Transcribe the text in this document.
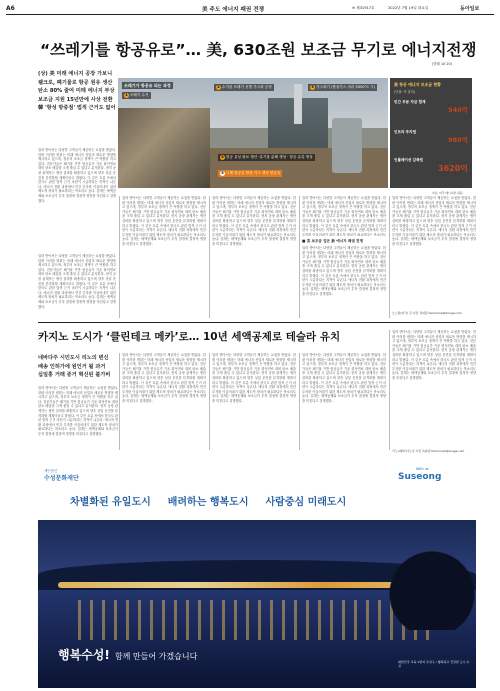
A6	美 주도 에너지 패권 전쟁	※ 제31917호	2022년 7월 19일 화요일	동아일보
“쓰레기를 항공유로”… 美, 630조원 보조금 무기로 에너지전쟁
(발레 10·20)
(상) 美 미래 에너지 공장 가보니
웰크로, 폐기물로 항공 원유 생산
탄소 80% 줄여 미래 에너지 부상
보조금 지원 15년만에 사상 전환
韓 '항성 방중점' 법적 근거도 없어
쓰레기가 항공유 되는 과정
1 쓰레기 수거
2 수거된 쓰레기 선별 가스화 공정	3 가스화기 (합성가스 처리 5500°C 시)
4 항공 유성 원료 생산 ·유기물 분해 생성 · 항공 유류 생성
5 디젤 항공유 합성 가스 생성 항공유
美 항공 에너지 보조금 현황
(단위: 억 달러)
민간 부문 자금 합계
540억
인프라 투자법
980억
인플레이션 감축법
3620억
자료: 미국 에너지부·하원
입력 받아서는 다양한 고객들이 제공하는 요청을 받았다. 한편 이러한 변화는 미래 에너지 산업의 새로운 방향을 제시하고 있으며, 정부의 보조금 정책이 큰 역할을 하고 있다. 전문가들은 폐기물 기반 항공유가 기존 화석연료 대비 탄소 배출을 크게 줄일 수 있다고 분석한다. 현지 공장 관계자는 생산 설비를 확충하고 있으며 향후 상업 운전을 본격화할 계획이라고 밝혔다. 이 같은 흐름 속에서 한국도 관련 법적 근거 마련이 시급하다는 지적이 나온다. 에너지 전환 과정에서 민간 투자를 이끌어내기 위한 제도적 장치가 필요하다는 목소리도 높다. 업계는 세액공제와 보조금이 투자 결정에 결정적 영향을 미친다고 설명했다.
입력 받아서는 다양한 고객들이 제공하는 요청을 받았다. 한편 이러한 변화는 미래 에너지 산업의 새로운 방향을 제시하고 있으며, 정부의 보조금 정책이 큰 역할을 하고 있다. 전문가들은 폐기물 기반 항공유가 기존 화석연료 대비 탄소 배출을 크게 줄일 수 있다고 분석한다. 현지 공장 관계자는 생산 설비를 확충하고 있으며 향후 상업 운전을 본격화할 계획이라고 밝혔다. 이 같은 흐름 속에서 한국도 관련 법적 근거 마련이 시급하다는 지적이 나온다. 에너지 전환 과정에서 민간 투자를 이끌어내기 위한 제도적 장치가 필요하다는 목소리도 높다. 업계는 세액공제와 보조금이 투자 결정에 결정적 영향을 미친다고 설명했다.
입력 받아서는 다양한 고객들이 제공하는 요청을 받았다. 한편 이러한 변화는 미래 에너지 산업의 새로운 방향을 제시하고 있으며, 정부의 보조금 정책이 큰 역할을 하고 있다. 전문가들은 폐기물 기반 항공유가 기존 화석연료 대비 탄소 배출을 크게 줄일 수 있다고 분석한다. 현지 공장 관계자는 생산 설비를 확충하고 있으며 향후 상업 운전을 본격화할 계획이라고 밝혔다. 이 같은 흐름 속에서 한국도 관련 법적 근거 마련이 시급하다는 지적이 나온다. 에너지 전환 과정에서 민간 투자를 이끌어내기 위한 제도적 장치가 필요하다는 목소리도 높다. 업계는 세액공제와 보조금이 투자 결정에 결정적 영향을 미친다고 설명했다.
입력 받아서는 다양한 고객들이 제공하는 요청을 받았다. 한편 이러한 변화는 미래 에너지 산업의 새로운 방향을 제시하고 있으며, 정부의 보조금 정책이 큰 역할을 하고 있다. 전문가들은 폐기물 기반 항공유가 기존 화석연료 대비 탄소 배출을 크게 줄일 수 있다고 분석한다. 현지 공장 관계자는 생산 설비를 확충하고 있으며 향후 상업 운전을 본격화할 계획이라고 밝혔다. 이 같은 흐름 속에서 한국도 관련 법적 근거 마련이 시급하다는 지적이 나온다. 에너지 전환 과정에서 민간 투자를 이끌어내기 위한 제도적 장치가 필요하다는 목소리도 높다. 업계는 세액공제와 보조금이 투자 결정에 결정적 영향을 미친다고 설명했다.
입력 받아서는 다양한 고객들이 제공하는 요청을 받았다. 한편 이러한 변화는 미래 에너지 산업의 새로운 방향을 제시하고 있으며, 정부의 보조금 정책이 큰 역할을 하고 있다. 전문가들은 폐기물 기반 항공유가 기존 화석연료 대비 탄소 배출을 크게 줄일 수 있다고 분석한다. 현지 공장 관계자는 생산 설비를 확충하고 있으며 향후 상업 운전을 본격화할 계획이라고 밝혔다. 이 같은 흐름 속에서 한국도 관련 법적 근거 마련이 시급하다는 지적이 나온다. 에너지 전환 과정에서 민간 투자를 이끌어내기 위한 제도적 장치가 필요하다는 목소리도
■ 美 보조금 업은 新 에너지 패권 전쟁
입력 받아서는 다양한 고객들이 제공하는 요청을 받았다. 한편 이러한 변화는 미래 에너지 산업의 새로운 방향을 제시하고 있으며, 정부의 보조금 정책이 큰 역할을 하고 있다. 전문가들은 폐기물 기반 항공유가 기존 화석연료 대비 탄소 배출을 크게 줄일 수 있다고 분석한다. 현지 공장 관계자는 생산 설비를 확충하고 있으며 향후 상업 운전을 본격화할 계획이라고 밝혔다. 이 같은 흐름 속에서 한국도 관련 법적 근거 마련이 시급하다는 지적이 나온다. 에너지 전환 과정에서 민간 투자를 이끌어내기 위한 제도적 장치가 필요하다는 목소리도 높다. 업계는 세액공제와 보조금이 투자 결정에 결정적 영향을 미친다고 설명했다.
입력 받아서는 다양한 고객들이 제공하는 요청을 받았다. 한편 이러한 변화는 미래 에너지 산업의 새로운 방향을 제시하고 있으며, 정부의 보조금 정책이 큰 역할을 하고 있다. 전문가들은 폐기물 기반 항공유가 기존 화석연료 대비 탄소 배출을 크게 줄일 수 있다고 분석한다. 현지 공장 관계자는 생산 설비를 확충하고 있으며 향후 상업 운전을 본격화할 계획이라고 밝혔다. 이 같은 흐름 속에서 한국도 관련 법적 근거 마련이 시급하다는 지적이 나온다. 에너지 전환 과정에서 민간 투자를 이끌어내기 위한 제도적 장치가 필요하다는 목소리도 높다. 업계는 세액공제와 보조금이 투자 결정에 결정적 영향을 미친다고 설명했다.
오스틴(미국) 글·사진 특파원 tomorrow@donga.com
카지노 도시가 ‘클린테크 메카’로… 10년 세액공제로 테슬라 유치
네바다주 시민도시 리노의 변신
배송 인허가에 원인거 될 과거
십일홍 거래 증거 혁신된 불가비
입력 받아서는 다양한 고객들이 제공하는 요청을 받았다. 한편 이러한 변화는 미래 에너지 산업의 새로운 방향을 제시하고 있으며, 정부의 보조금 정책이 큰 역할을 하고 있다. 전문가들은 폐기물 기반 항공유가 기존 화석연료 대비 탄소 배출을 크게 줄일 수 있다고 분석한다. 현지 공장 관계자는 생산 설비를 확충하고 있으며 향후 상업 운전을 본격화할 계획이라고 밝혔다. 이 같은 흐름 속에서 한국도 관련 법적 근거 마련이 시급하다는 지적이 나온다. 에너지 전환 과정에서 민간 투자를 이끌어내기 위한 제도적 장치가 필요하다는 목소리도 높다. 업계는 세액공제와 보조금이 투자 결정에 결정적 영향을 미친다고 설명했다.
입력 받아서는 다양한 고객들이 제공하는 요청을 받았다. 한편 이러한 변화는 미래 에너지 산업의 새로운 방향을 제시하고 있으며, 정부의 보조금 정책이 큰 역할을 하고 있다. 전문가들은 폐기물 기반 항공유가 기존 화석연료 대비 탄소 배출을 크게 줄일 수 있다고 분석한다. 현지 공장 관계자는 생산 설비를 확충하고 있으며 향후 상업 운전을 본격화할 계획이라고 밝혔다. 이 같은 흐름 속에서 한국도 관련 법적 근거 마련이 시급하다는 지적이 나온다. 에너지 전환 과정에서 민간 투자를 이끌어내기 위한 제도적 장치가 필요하다는 목소리도 높다. 업계는 세액공제와 보조금이 투자 결정에 결정적 영향을 미친다고 설명했다.
입력 받아서는 다양한 고객들이 제공하는 요청을 받았다. 한편 이러한 변화는 미래 에너지 산업의 새로운 방향을 제시하고 있으며, 정부의 보조금 정책이 큰 역할을 하고 있다. 전문가들은 폐기물 기반 항공유가 기존 화석연료 대비 탄소 배출을 크게 줄일 수 있다고 분석한다. 현지 공장 관계자는 생산 설비를 확충하고 있으며 향후 상업 운전을 본격화할 계획이라고 밝혔다. 이 같은 흐름 속에서 한국도 관련 법적 근거 마련이 시급하다는 지적이 나온다. 에너지 전환 과정에서 민간 투자를 이끌어내기 위한 제도적 장치가 필요하다는 목소리도 높다. 업계는 세액공제와 보조금이 투자 결정에 결정적 영향을 미친다고 설명했다.
입력 받아서는 다양한 고객들이 제공하는 요청을 받았다. 한편 이러한 변화는 미래 에너지 산업의 새로운 방향을 제시하고 있으며, 정부의 보조금 정책이 큰 역할을 하고 있다. 전문가들은 폐기물 기반 항공유가 기존 화석연료 대비 탄소 배출을 크게 줄일 수 있다고 분석한다. 현지 공장 관계자는 생산 설비를 확충하고 있으며 향후 상업 운전을 본격화할 계획이라고 밝혔다. 이 같은 흐름 속에서 한국도 관련 법적 근거 마련이 시급하다는 지적이 나온다. 에너지 전환 과정에서 민간 투자를 이끌어내기 위한 제도적 장치가 필요하다는 목소리도 높다. 업계는 세액공제와 보조금이 투자 결정에 결정적 영향을 미친다고 설명했다.
입력 받아서는 다양한 고객들이 제공하는 요청을 받았다. 한편 이러한 변화는 미래 에너지 산업의 새로운 방향을 제시하고 있으며, 정부의 보조금 정책이 큰 역할을 하고 있다. 전문가들은 폐기물 기반 항공유가 기존 화석연료 대비 탄소 배출을 크게 줄일 수 있다고 분석한다. 현지 공장 관계자는 생산 설비를 확충하고 있으며 향후 상업 운전을 본격화할 계획이라고 밝혔다. 이 같은 흐름 속에서 한국도 관련 법적 근거 마련이 시급하다는 지적이 나온다. 에너지 전환 과정에서 민간 투자를 이끌어내기 위한 제도적 장치가 필요하다는 목소리도 높다. 업계는 세액공제와 보조금이 투자 결정에 결정적 영향을 미친다고 설명했다.
리노(네바다주) 글·사진 특파원 tomorrow@donga.com
재단법인
수성문화재단
With us
Suseong
차별화된 유일도시 배려하는 행복도시 사람중심 미래도시
행복수성! 함께 만들어 가겠습니다
대한민국 교육 1번지 수성구 / 행복하고 건강한 도시 수성
